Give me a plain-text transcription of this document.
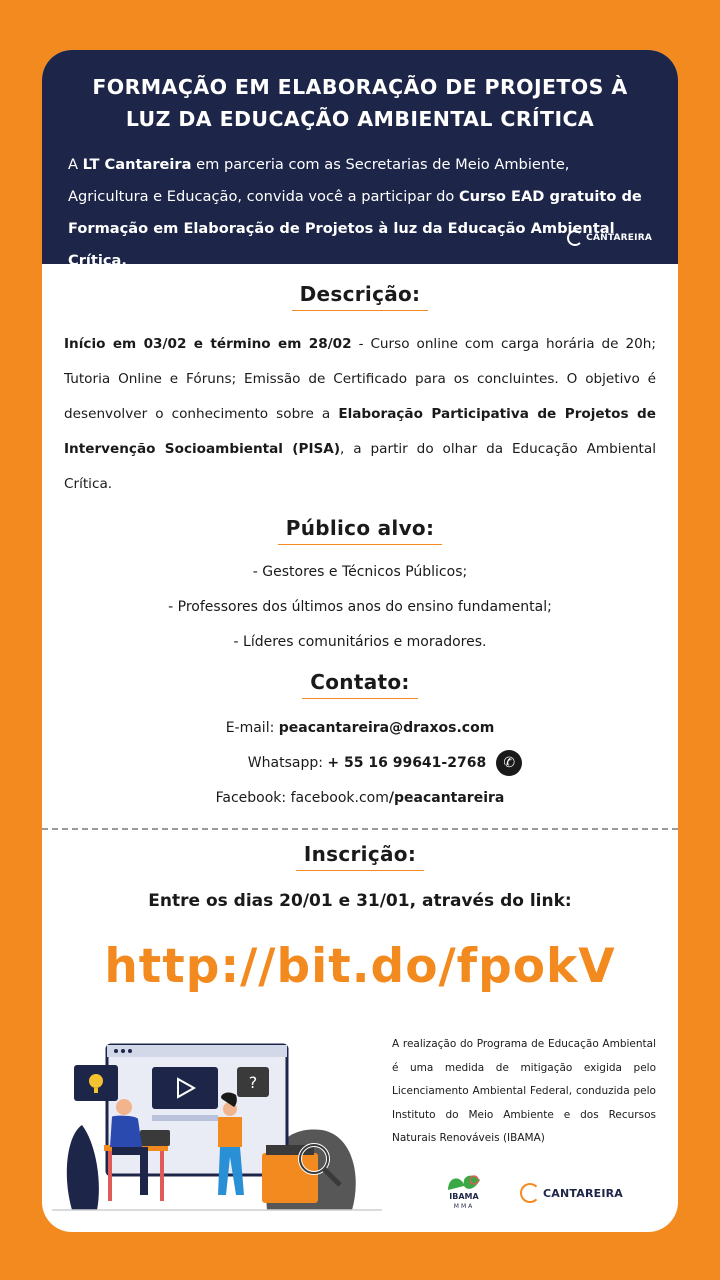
FORMAÇÃO EM ELABORAÇÃO DE PROJETOS À
LUZ DA EDUCAÇÃO AMBIENTAL CRÍTICA
A LT Cantareira em parceria com as Secretarias de Meio Ambiente, Agricultura e Educação, convida você a participar do Curso EAD gratuito de Formação em Elaboração de Projetos à luz da Educação Ambiental Crítica.
CANTAREIRA
Descrição:
Início em 03/02 e término em 28/02 - Curso online com carga horária de 20h; Tutoria Online e Fóruns; Emissão de Certificado para os concluintes. O objetivo é desenvolver o conhecimento sobre a Elaboração Participativa de Projetos de Intervenção Socioambiental (PISA), a partir do olhar da Educação Ambiental Crítica.
Público alvo:
- Gestores e Técnicos Públicos;
- Professores dos últimos anos do ensino fundamental;
- Líderes comunitários e moradores.
Contato:
E-mail: peacantareira@draxos.com
Whatsapp: + 55 16 99641-2768 ✆
Facebook: facebook.com/peacantareira
Inscrição:
Entre os dias 20/01 e 31/01, através do link:
http://bit.do/fpokV
?
A realização do Programa de Educação Ambiental é uma medida de mitigação exigida pelo Licenciamento Ambiental Federal, conduzida pelo Instituto do Meio Ambiente e dos Recursos Naturais Renováveis (IBAMA)
IBAMA
MMA
CANTAREIRA
